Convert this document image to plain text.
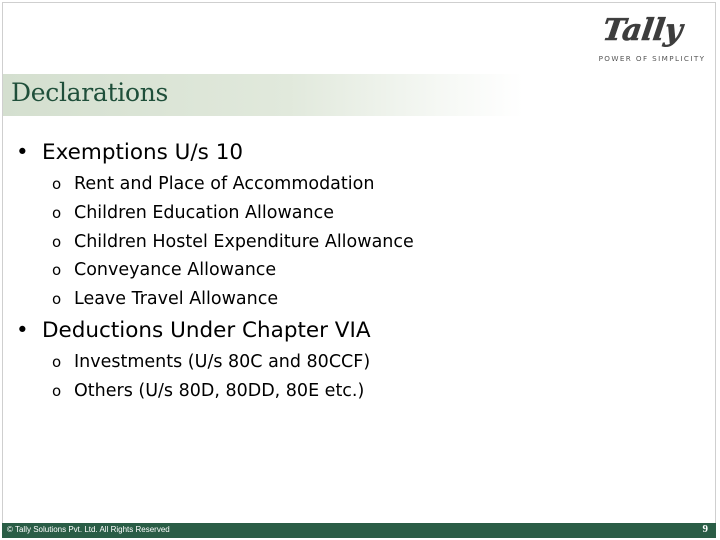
Tally
POWER OF SIMPLICITY
Declarations
• Exemptions U/s 10
o Rent and Place of Accommodation
o Children Education Allowance
o Children Hostel Expenditure Allowance
o Conveyance Allowance
o Leave Travel Allowance
• Deductions Under Chapter VIA
o Investments (U/s 80C and 80CCF)
o Others (U/s 80D, 80DD, 80E etc.)
© Tally Solutions Pvt. Ltd. All Rights Reserved	9
